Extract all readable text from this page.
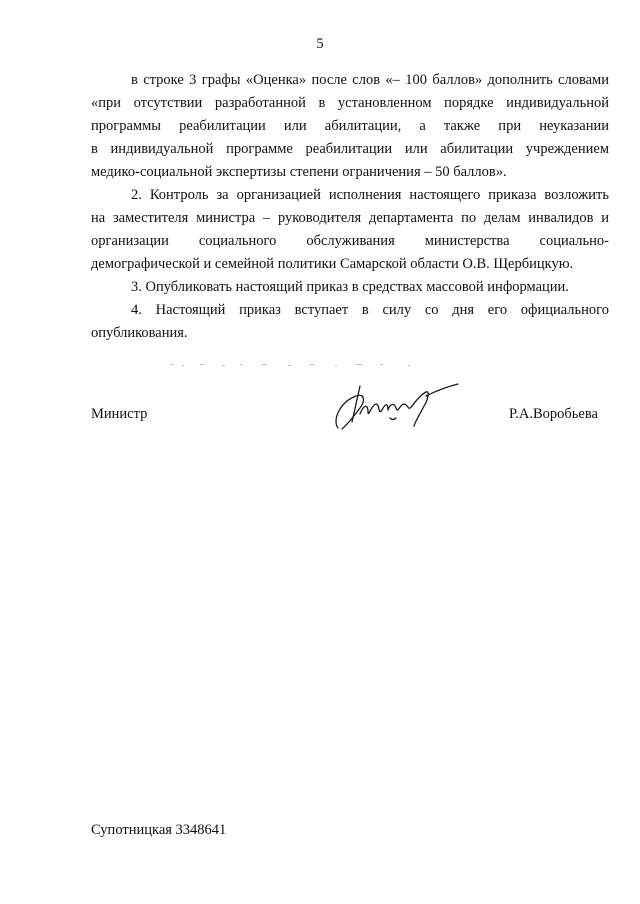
5
в строке 3 графы «Оценка» после слов «– 100 баллов» дополнить словами
«при отсутствии разработанной в установленном порядке индивидуальной
программы реабилитации или абилитации, а также при неуказании
в индивидуальной программе реабилитации или абилитации учреждением
медико-социальной экспертизы степени ограничения – 50 баллов».
2. Контроль за организацией исполнения настоящего приказа возложить
на заместителя министра – руководителя департамента по делам инвалидов и
организации социального обслуживания министерства социально-
демографической и семейной политики Самарской области О.В. Щербицкую.
3. Опубликовать настоящий приказ в средствах массовой информации.
4. Настоящий приказ вступает в силу со дня его официального
опубликования.
Министр	Р.А.Воробьева
Супотницкая 3348641
